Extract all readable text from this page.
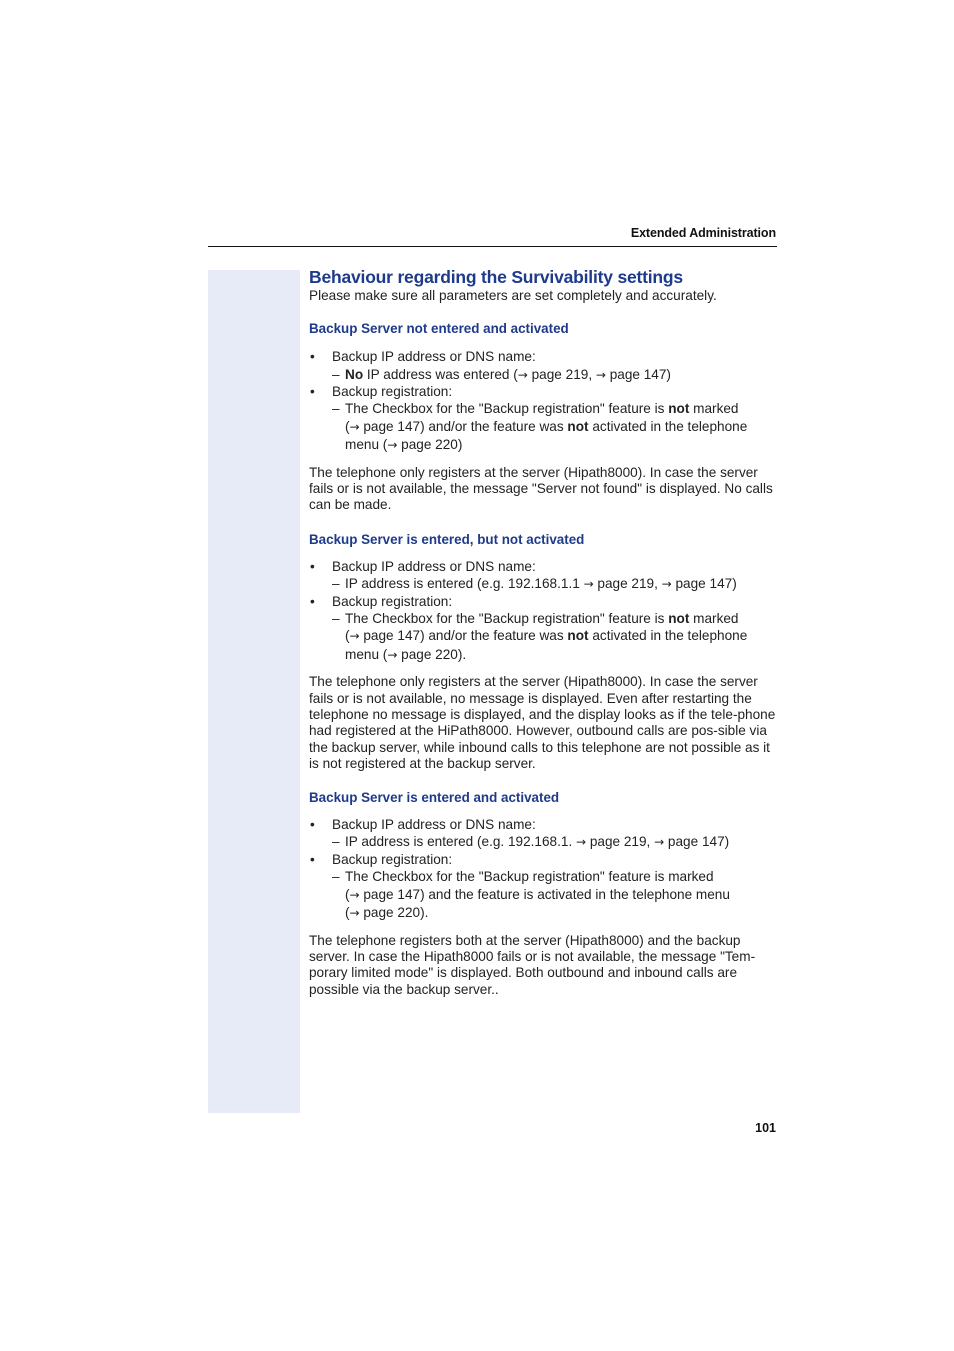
Extended Administration
Behaviour regarding the Survivability settings

Please make sure all parameters are set completely and accurately.

Backup Server not entered and activated
• Backup IP address or DNS name:
– No IP address was entered (→ page 219, → page 147)
• Backup registration:
– The Checkbox for the "Backup registration" feature is not marked
(→ page 147) and/or the feature was not activated in the telephone
menu (→ page 220)

The telephone only registers at the server (Hipath8000). In case the server fails or is not available, the message "Server not found" is displayed. No calls can be made.

Backup Server is entered, but not activated
• Backup IP address or DNS name:
– IP address is entered (e.g. 192.168.1.1 → page 219, → page 147)
• Backup registration:
– The Checkbox for the "Backup registration" feature is not marked
(→ page 147) and/or the feature was not activated in the telephone
menu (→ page 220).

The telephone only registers at the server (Hipath8000). In case the server fails or is not available, no message is displayed. Even after restarting the telephone no message is displayed, and the display looks as if the tele-phone had registered at the HiPath8000. However, outbound calls are pos-sible via the backup server, while inbound calls to this telephone are not possible as it is not registered at the backup server.

Backup Server is entered and activated
• Backup IP address or DNS name:
– IP address is entered (e.g. 192.168.1. → page 219, → page 147)
• Backup registration:
– The Checkbox for the "Backup registration" feature is marked
(→ page 147) and the feature is activated in the telephone menu
(→ page 220).

The telephone registers both at the server (Hipath8000) and the backup server. In case the Hipath8000 fails or is not available, the message "Tem-porary limited mode" is displayed. Both outbound and inbound calls are possible via the backup server..

101
